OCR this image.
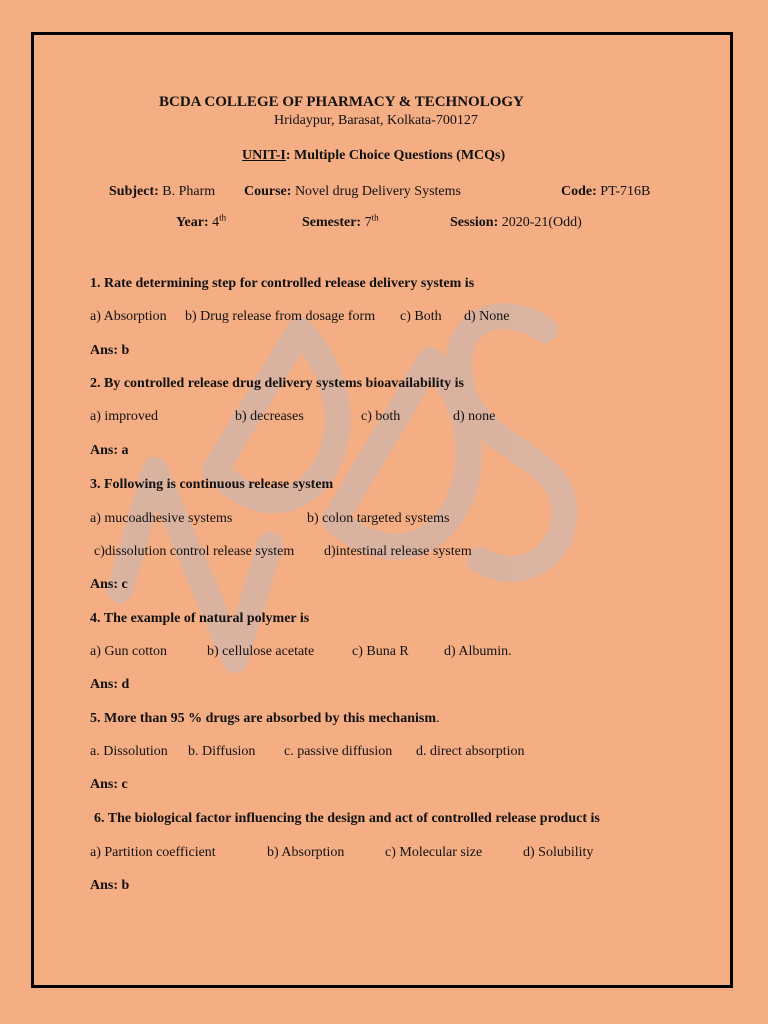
BCDA COLLEGE OF PHARMACY & TECHNOLOGY
Hridaypur, Barasat, Kolkata-700127
UNIT-I: Multiple Choice Questions (MCQs)
Subject: B. Pharm Course: Novel drug Delivery Systems	Code: PT-716B
Year: 4th	Semester: 7th	Session: 2020-21(Odd)
1. Rate determining step for controlled release delivery system is
a) Absorption b) Drug release from dosage form c) Both d) None
Ans: b
2. By controlled release drug delivery systems bioavailability is
a) improved	b) decreases	c) both	d) none
Ans: a
3. Following is continuous release system
a) mucoadhesive systems	b) colon targeted systems
c)dissolution control release system d)intestinal release system
Ans: c
4. The example of natural polymer is
a) Gun cotton	b) cellulose acetate	c) Buna R	d) Albumin.
Ans: d
5. More than 95 % drugs are absorbed by this mechanism.
a. Dissolution b. Diffusion c. passive diffusion d. direct absorption
Ans: c
6. The biological factor influencing the design and act of controlled release product is
a) Partition coefficient	b) Absorption	c) Molecular size	d) Solubility
Ans: b
